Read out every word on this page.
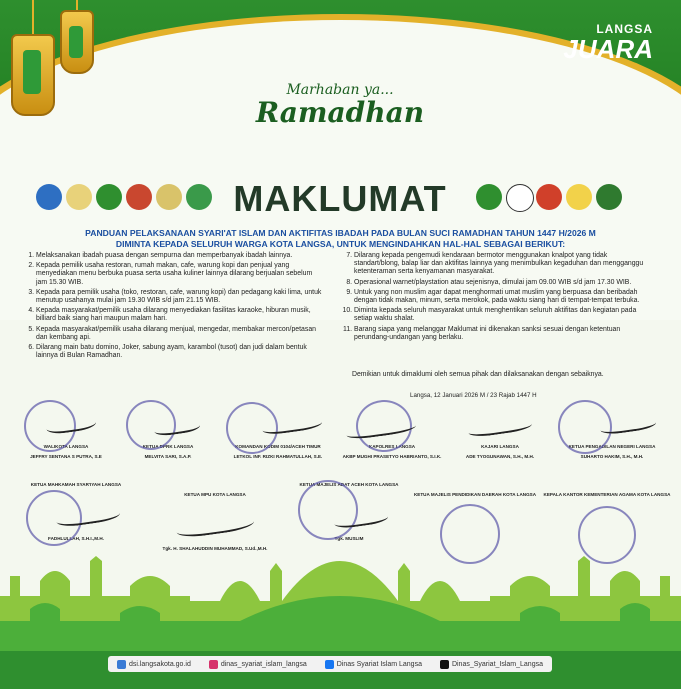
LANGSA
JUARA
Marhaban ya...
Ramadhan
MAKLUMAT
PANDUAN PELAKSANAAN SYARI'AT ISLAM DAN AKTIFITAS IBADAH PADA BULAN SUCI RAMADHAN TAHUN 1447 H/2026 M
DIMINTA KEPADA SELURUH WARGA KOTA LANGSA, UNTUK MENGINDAHKAN HAL-HAL SEBAGAI BERIKUT:
1. Melaksanakan ibadah puasa dengan sempurna dan memperbanyak ibadah lainnya.
2. Kepada pemilik usaha restoran, rumah makan, cafe, warung kopi dan penjual yang menyediakan menu berbuka puasa serta usaha kuliner lainnya dilarang berjualan sebelum jam 15.30 WIB.
3. Kepada para pemilik usaha (toko, restoran, cafe, warung kopi) dan pedagang kaki lima, untuk menutup usahanya mulai jam 19.30 WIB s/d jam 21.15 WIB.
4. Kepada masyarakat/pemilik usaha dilarang menyediakan fasilitas karaoke, hiburan musik, billiard baik siang hari maupun malam hari.
5. Kepada masyarakat/pemilik usaha dilarang menjual, mengedar, membakar mercon/petasan dan kembang api.
6. Dilarang main batu domino, Joker, sabung ayam, karambol (tusot) dan judi dalam bentuk lainnya di Bulan Ramadhan.
7. Dilarang kepada pengemudi kendaraan bermotor menggunakan knalpot yang tidak standart/blong, balap liar dan aktifitas lainnya yang menimbulkan kegaduhan dan mengganggu ketenteraman serta kenyamanan masyarakat.
8. Operasional warnet/playstation atau sejenisnya, dimulai jam 09.00 WIB s/d jam 17.30 WIB.
9. Untuk yang non muslim agar dapat menghormati umat muslim yang berpuasa dan beribadah dengan tidak makan, minum, serta merokok, pada waktu siang hari di tempat-tempat terbuka.
10. Diminta kepada seluruh masyarakat untuk menghentikan seluruh aktifitas dan kegiatan pada setiap waktu shalat.
11. Barang siapa yang melanggar Maklumat ini dikenakan sanksi sesuai dengan ketentuan perundang-undangan yang berlaku.
Demikian untuk dimaklumi oleh semua pihak dan dilaksanakan dengan sebaiknya.
Langsa, 12 Januari 2026 M / 23 Rajab 1447 H
WALIKOTA LANGSA
JEFFRY SENTANA S PUTRA, S.E
KETUA DPRK LANGSA
MELVITA SARI, S.A.P.
KOMANDAN KODIM 0104/ACEH TIMUR
LETKOL INF. RIZKI RAHMATULLAH, S.E.
KAPOLRES LANGSA
AKBP MUGHI PRASETYO HABRIANTO, S.I.K.
KAJARI LANGSA
ADE TYOGUNAWAN, S.H., M.H.
KETUA PENGADILAN NEGERI LANGSA
SUHARTO HAKIM, S.H., M.H.
KETUA MAHKAMAH SYAR'IYAH LANGSA
FADHLULLAH, S.H.I.,M.H.
KETUA MPU KOTA LANGSA
Tgk. H. SHALAHUDDIN MUHAMMAD, S.Ud.,M.H.
KETUA MAJELIS ADAT ACEH KOTA LANGSA
Tgk. MUSLIM
KETUA MAJELIS PENDIDIKAN DAERAH KOTA LANGSA	KEPALA KANTOR KEMENTERIAN AGAMA KOTA LANGSA
dsi.langsakota.go.id	dinas_syariat_islam_langsa	Dinas Syariat Islam Langsa	Dinas_Syariat_Islam_Langsa
